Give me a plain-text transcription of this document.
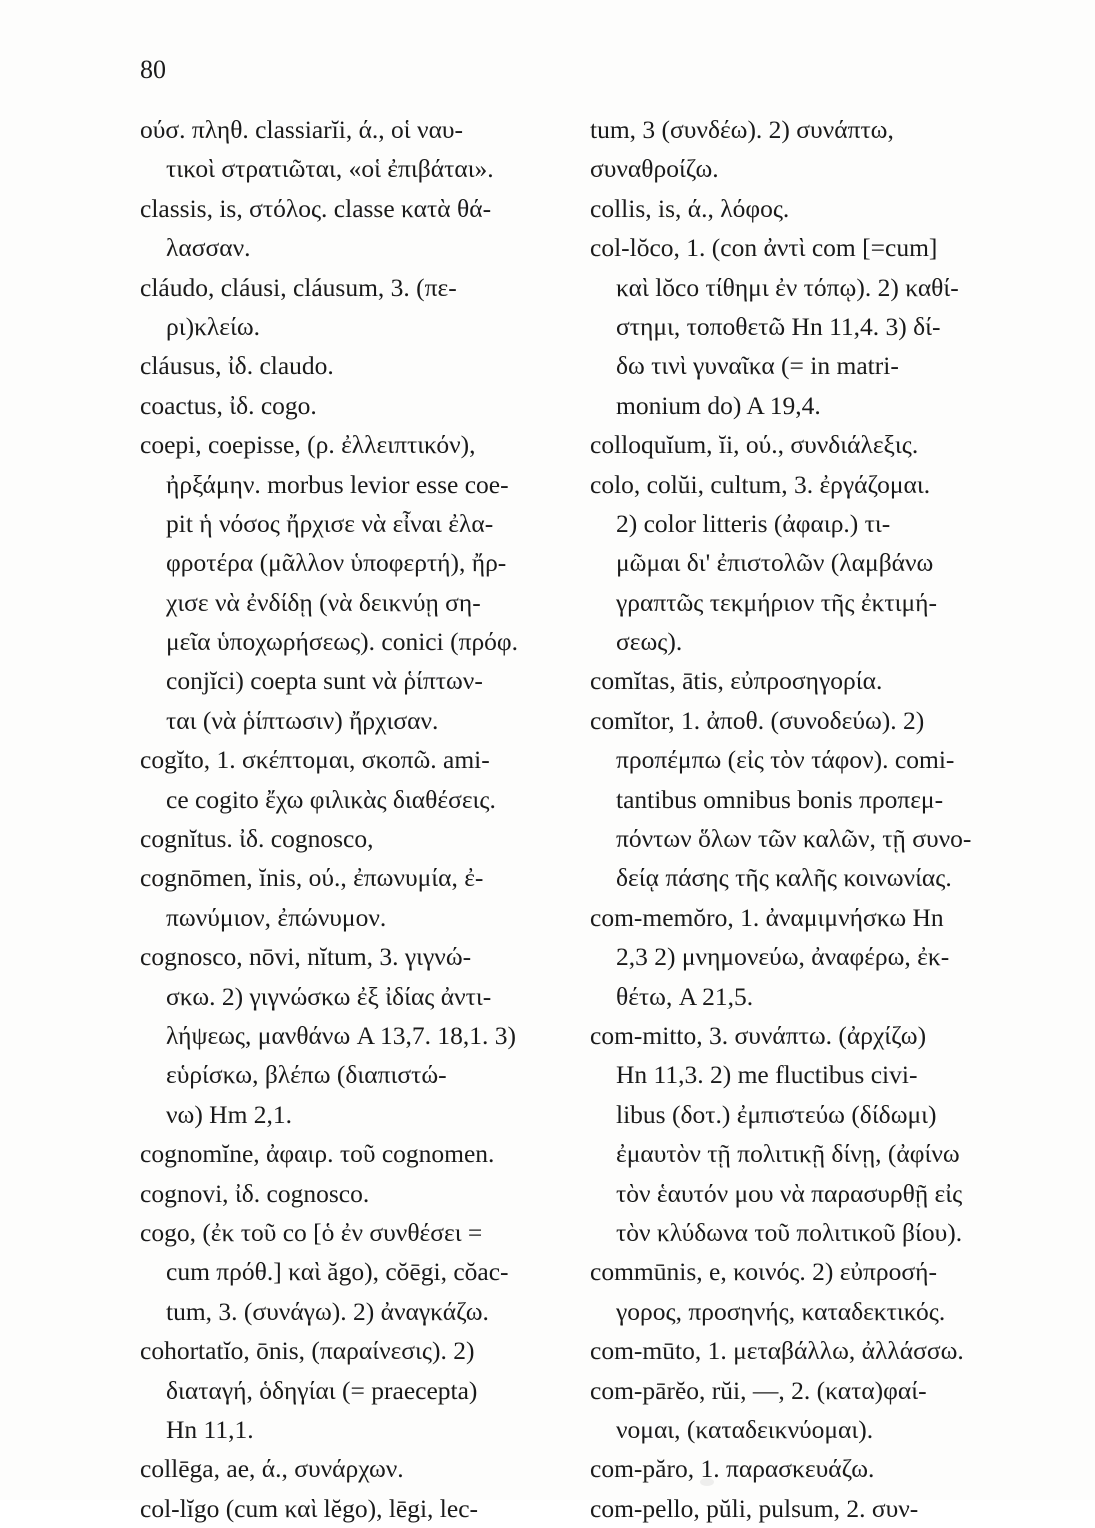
80
ούσ. πληθ. classiarĭi, ά., οἱ ναυ-
τικοὶ στρατιῶται, «οἱ ἐπιβάται».
classis, is, στόλος. classe κατὰ θά-
λασσαν.
cláudo, cláusi, cláusum, 3. (πε-
ρι)κλείω.
cláusus, ἰδ. claudo.
coactus, ἰδ. cogo.
coepi, coepisse, (ρ. ἐλλειπτικόν),
ἠρξάμην. morbus levior esse coe-
pit ἡ νόσος ἤρχισε νὰ εἶναι ἐλα-
φροτέρα (μᾶλλον ὑποφερτή), ἤρ-
χισε νὰ ἐνδίδῃ (νὰ δεικνύῃ ση-
μεῖα ὑποχωρήσεως). conici (πρόφ.
conjĭci) coepta sunt νὰ ῥίπτων-
ται (νὰ ῥίπτωσιν) ἤρχισαν.
cogĭto, 1. σκέπτομαι, σκοπῶ. ami-
ce cogito ἔχω φιλικὰς διαθέσεις.
cognĭtus. ἰδ. cognosco,
cognōmen, ĭnis, ού., ἐπωνυμία, ἐ-
πωνύμιον, ἐπώνυμον.
cognosco, nōvi, nĭtum, 3. γιγνώ-
σκω. 2) γιγνώσκω ἐξ ἰδίας ἀντι-
λήψεως, μανθάνω A 13,7. 18,1. 3)
εὑρίσκω, βλέπω (διαπιστώ-
νω) Hm 2,1.
cognomĭne, ἀφαιρ. τοῦ cognomen.
cognovi, ἰδ. cognosco.
cogo, (ἐκ τοῦ co [ὁ ἐν συνθέσει =
cum πρόθ.] καὶ ăgo), cŏēgi, cŏac-
tum, 3. (συνάγω). 2) ἀναγκάζω.
cohortatĭo, ōnis, (παραίνεσις). 2)
διαταγή, ὁδηγίαι (= praecepta)
Hn 11,1.
collēga, ae, ά., συνάρχων.
col-lĭgo (cum καὶ lĕgo), lēgi, lec-
tum, 3 (συνδέω). 2) συνάπτω,
συναθροίζω.
collis, is, ά., λόφος.
col-lŏco, 1. (con ἀντὶ com [=cum]
καὶ lŏco τίθημι ἐν τόπῳ). 2) καθί-
στημι, τοποθετῶ Hn 11,4. 3) δί-
δω τινὶ γυναῖκα (= in matri-
monium do) A 19,4.
colloquĭum, ĭi, ού., συνδιάλεξις.
colo, colŭi, cultum, 3. ἐργάζομαι.
2) color litteris (ἀφαιρ.) τι-
μῶμαι δι' ἐπιστολῶν (λαμβάνω
γραπτῶς τεκμήριον τῆς ἐκτιμή-
σεως).
comĭtas, ātis, εὐπροσηγορία.
comĭtor, 1. ἀποθ. (συνοδεύω). 2)
προπέμπω (εἰς τὸν τάφον). comi-
tantibus omnibus bonis προπεμ-
πόντων ὅλων τῶν καλῶν, τῇ συνο-
δείᾳ πάσης τῆς καλῆς κοινωνίας.
com-memŏro, 1. ἀναμιμνήσκω Hn
2,3 2) μνημονεύω, ἀναφέρω, ἐκ-
θέτω, A 21,5.
com-mitto, 3. συνάπτω. (ἀρχίζω)
Hn 11,3. 2) me fluctibus civi-
libus (δοτ.) ἐμπιστεύω (δίδωμι)
ἐμαυτὸν τῇ πολιτικῇ δίνῃ, (ἀφίνω
τὸν ἑαυτόν μου νὰ παρασυρθῇ εἰς
τὸν κλύδωνα τοῦ πολιτικοῦ βίου).
commūnis, e, κοινός. 2) εὐπροσή-
γορος, προσηνής, καταδεκτικός.
com-mūto, 1. μεταβάλλω, ἀλλάσσω.
com-pārĕo, rŭi, —, 2. (κατα)φαί-
νομαι, (καταδεικνύομαι).
com-păro, 1. παρασκευάζω.
com-pello, pŭli, pulsum, 2. συν-
